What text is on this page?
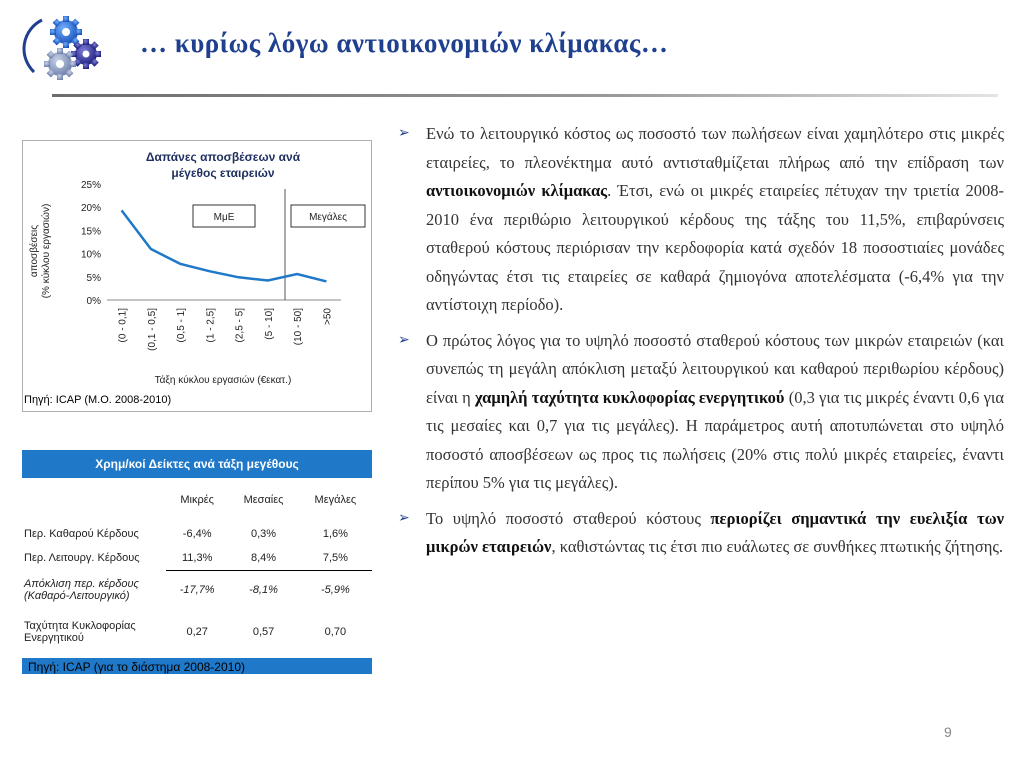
… κυρίως λόγω αντιοικονομιών κλίμακας…
Δαπάνες αποσβέσεων ανά
μέγεθος εταιρειών
αποσβέσεις (% κύκλου εργασιών)
0%
5%
10%
15%
20%
25%
ΜμΕ	Μεγάλες
(0 - 0,1] (0,1 - 0,5] (0,5 - 1] (1 - 2,5] (2,5 - 5] (5 - 10] (10 - 50] >50
Τάξη κύκλου εργασιών (€εκατ.)
Πηγή: ICAP (Μ.Ο. 2008-2010)
Χρημ/κοί Δείκτες ανά τάξη μεγέθους
	Μικρές	Μεσαίες	Μεγάλες
Περ. Καθαρού Κέρδους	-6,4%	0,3%	1,6%
Περ. Λειτουργ. Κέρδους	11,3%	8,4%	7,5%
Απόκλιση περ. κέρδους
(Καθαρό-Λειτουργικό)	-17,7%	-8,1%	-5,9%
Ταχύτητα Κυκλοφορίας
Ενεργητικού	0,27	0,57	0,70
Πηγή: ICAP (για το διάστημα 2008-2010)
➢ Ενώ το λειτουργικό κόστος ως ποσοστό των πωλήσεων είναι χαμηλότερο στις μικρές εταιρείες, το πλεονέκτημα αυτό αντισταθμίζεται πλήρως από την επίδραση των αντιοικονομιών κλίμακας. Έτσι, ενώ οι μικρές εταιρείες πέτυχαν την τριετία 2008-2010 ένα περιθώριο λειτουργικού κέρδους της τάξης του 11,5%, επιβαρύνσεις σταθερού κόστους περιόρισαν την κερδοφορία κατά σχεδόν 18 ποσοστιαίες μονάδες οδηγώντας έτσι τις εταιρείες σε καθαρά ζημιογόνα αποτελέσματα (-6,4% για την αντίστοιχη περίοδο).
➢ Ο πρώτος λόγος για το υψηλό ποσοστό σταθερού κόστους των μικρών εταιρειών (και συνεπώς τη μεγάλη απόκλιση μεταξύ λειτουργικού και καθαρού περιθωρίου κέρδους) είναι η χαμηλή ταχύτητα κυκλοφορίας ενεργητικού (0,3 για τις μικρές έναντι 0,6 για τις μεσαίες και 0,7 για τις μεγάλες). Η παράμετρος αυτή αποτυπώνεται στο υψηλό ποσοστό αποσβέσεων ως προς τις πωλήσεις (20% στις πολύ μικρές εταιρείες, έναντι περίπου 5% για τις μεγάλες).
➢ Το υψηλό ποσοστό σταθερού κόστους περιορίζει σημαντικά την ευελιξία των μικρών εταιρειών, καθιστώντας τις έτσι πιο ευάλωτες σε συνθήκες πτωτικής ζήτησης.
9
